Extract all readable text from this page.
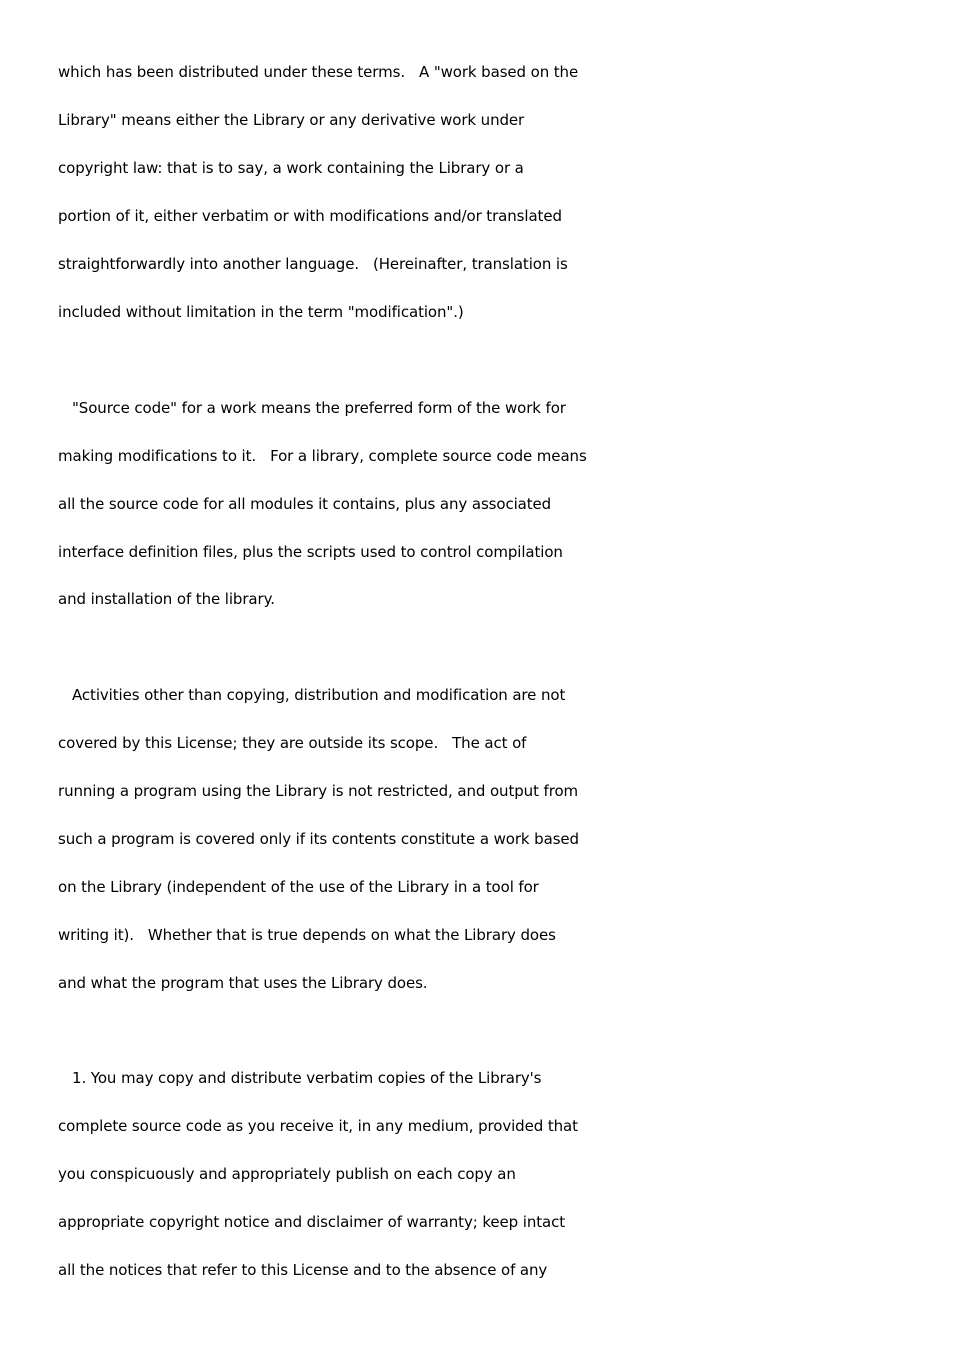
which has been distributed under these terms.   A "work based on the
Library" means either the Library or any derivative work under
copyright law: that is to say, a work containing the Library or a
portion of it, either verbatim or with modifications and/or translated
straightforwardly into another language.   (Hereinafter, translation is
included without limitation in the term "modification".)
"Source code" for a work means the preferred form of the work for
making modifications to it.   For a library, complete source code means
all the source code for all modules it contains, plus any associated
interface definition files, plus the scripts used to control compilation
and installation of the library.
Activities other than copying, distribution and modification are not
covered by this License; they are outside its scope.   The act of
running a program using the Library is not restricted, and output from
such a program is covered only if its contents constitute a work based
on the Library (independent of the use of the Library in a tool for
writing it).   Whether that is true depends on what the Library does
and what the program that uses the Library does.
1. You may copy and distribute verbatim copies of the Library's
complete source code as you receive it, in any medium, provided that
you conspicuously and appropriately publish on each copy an
appropriate copyright notice and disclaimer of warranty; keep intact
all the notices that refer to this License and to the absence of any
